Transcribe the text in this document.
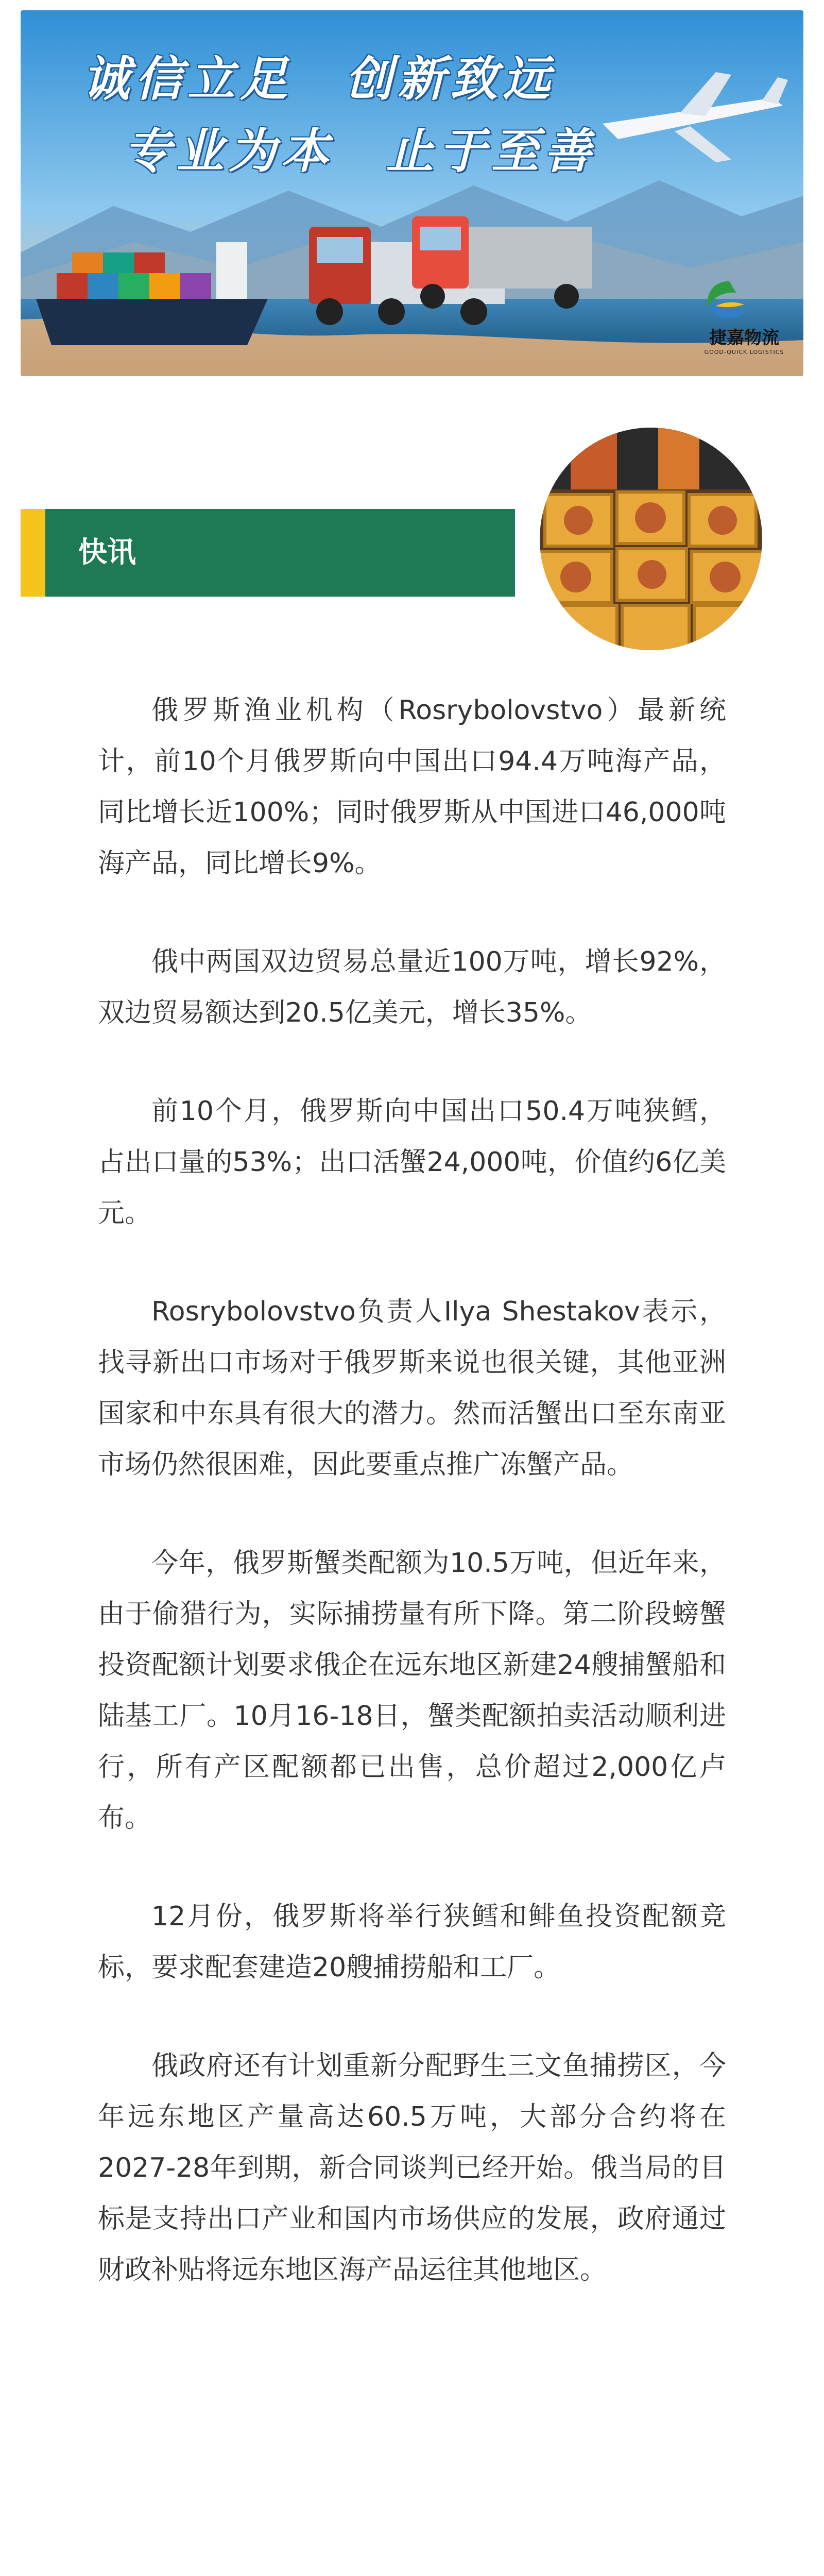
诚信立足　创新致远
专业为本　止于至善
捷嘉物流
GOOD-QUICK LOGISTICS
快讯

俄罗斯渔业机构（Rosrybolovstvo）最新统计，前10个月俄罗斯向中国出口94.4万吨海产品，同比增长近100%；同时俄罗斯从中国进口46,000吨海产品，同比增长9%。

俄中两国双边贸易总量近100万吨，增长92%，双边贸易额达到20.5亿美元，增长35%。

前10个月，俄罗斯向中国出口50.4万吨狭鳕，占出口量的53%；出口活蟹24,000吨，价值约6亿美元。

Rosrybolovstvo负责人Ilya Shestakov表示，找寻新出口市场对于俄罗斯来说也很关键，其他亚洲国家和中东具有很大的潜力。然而活蟹出口至东南亚市场仍然很困难，因此要重点推广冻蟹产品。

今年，俄罗斯蟹类配额为10.5万吨，但近年来，由于偷猎行为，实际捕捞量有所下降。第二阶段螃蟹投资配额计划要求俄企在远东地区新建24艘捕蟹船和陆基工厂。10月16-18日，蟹类配额拍卖活动顺利进行，所有产区配额都已出售，总价超过2,000亿卢布。

12月份，俄罗斯将举行狭鳕和鲱鱼投资配额竞标，要求配套建造20艘捕捞船和工厂。

俄政府还有计划重新分配野生三文鱼捕捞区，今年远东地区产量高达60.5万吨，大部分合约将在2027-28年到期，新合同谈判已经开始。俄当局的目标是支持出口产业和国内市场供应的发展，政府通过财政补贴将远东地区海产品运往其他地区。
